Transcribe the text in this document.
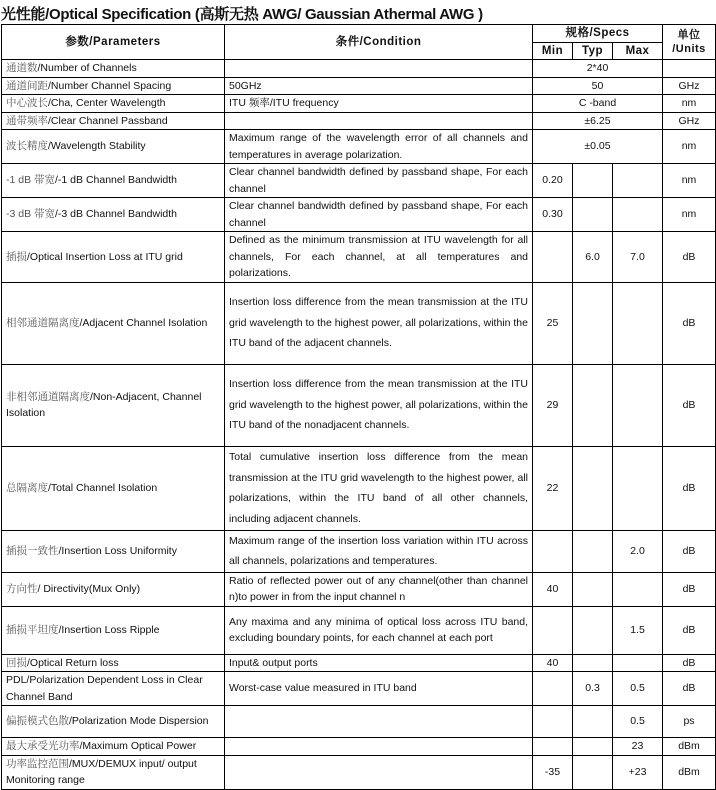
光性能/Optical Specification (高斯无热 AWG/ Gaussian Athermal AWG )
参数/Parameters	条件/Condition	规格/Specs			单位 /Units
		Min	Typ	Max	
通道数/Number of Channels		2*40			
通道间距/Number Channel Spacing	50GHz	50			GHz
中心波长/Cha, Center Wavelength	ITU 频率/ITU frequency	C -band			nm
通带频率/Clear Channel Passband		±6.25			GHz
波长精度/Wavelength Stability	Maximum range of the wavelength error of all channels and temperatures in average polarization.	±0.05			nm
-1 dB 带宽/-1 dB Channel Bandwidth	Clear channel bandwidth defined by passband shape, For each channel	0.20			nm
-3 dB 带宽/-3 dB Channel Bandwidth	Clear channel bandwidth defined by passband shape, For each channel	0.30			nm
插损/Optical Insertion Loss at ITU grid	Defined as the minimum transmission at ITU wavelength for all channels, For each channel, at all temperatures and polarizations.		6.0	7.0	dB
相邻通道隔离度/Adjacent Channel Isolation	Insertion loss difference from the mean transmission at the ITU grid wavelength to the highest power, all polarizations, within the ITU band of the adjacent channels.	25			dB
非相邻通道隔离度/Non-Adjacent, Channel Isolation	Insertion loss difference from the mean transmission at the ITU grid wavelength to the highest power, all polarizations, within the ITU band of the nonadjacent channels.	29			dB
总隔离度/Total Channel Isolation	Total cumulative insertion loss difference from the mean transmission at the ITU grid wavelength to the highest power, all polarizations, within the ITU band of all other channels, including adjacent channels.	22			dB
插损一致性/Insertion Loss Uniformity	Maximum range of the insertion loss variation within ITU across all channels, polarizations and temperatures.			2.0	dB
方向性/ Directivity(Mux Only)	Ratio of reflected power out of any channel(other than channel n)to power in from the input channel n	40			dB
插损平坦度/Insertion Loss Ripple	Any maxima and any minima of optical loss across ITU band, excluding boundary points, for each channel at each port			1.5	dB
回损/Optical Return loss	Input& output ports	40			dB
PDL/Polarization Dependent Loss in Clear Channel Band	Worst-case value measured in ITU band		0.3	0.5	dB
偏振模式色散/Polarization Mode Dispersion				0.5	ps
最大承受光功率/Maximum Optical Power				23	dBm
功率监控范围/MUX/DEMUX input/ output Monitoring range		-35		+23	dBm
